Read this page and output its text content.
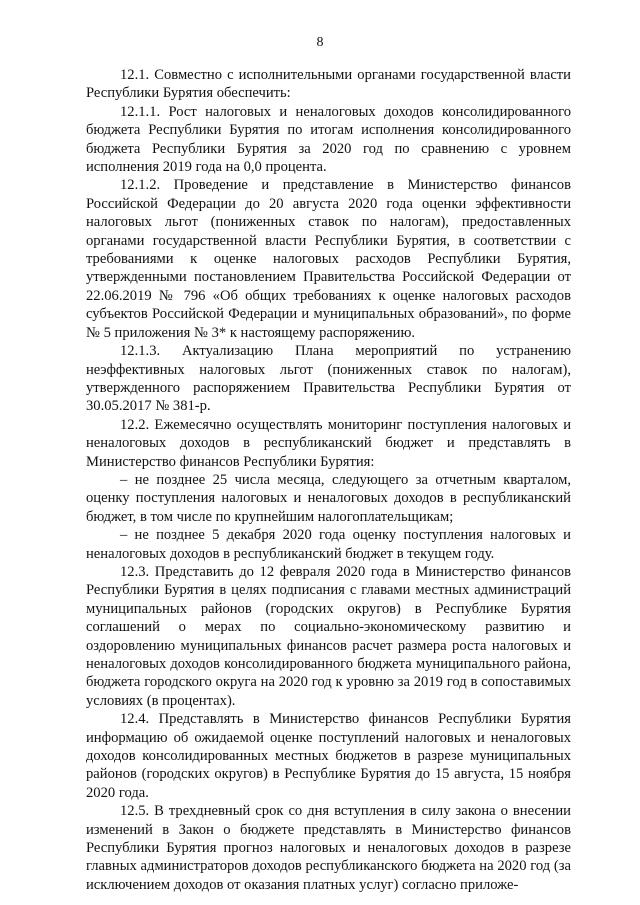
8

12.1. Совместно с исполнительными органами государственной власти Республики Бурятия обеспечить:

12.1.1. Рост налоговых и неналоговых доходов консолидированного бюджета Республики Бурятия по итогам исполнения консолидированного бюджета Республики Бурятия за 2020 год по сравнению с уровнем исполнения 2019 года на 0,0 процента.

12.1.2. Проведение и представление в Министерство финансов Российской Федерации до 20 августа 2020 года оценки эффективности налоговых льгот (пониженных ставок по налогам), предоставленных органами государственной власти Республики Бурятия, в соответствии с требованиями к оценке налоговых расходов Республики Бурятия, утвержденными постановлением Правительства Российской Федерации от 22.06.2019 № 796 «Об общих требованиях к оценке налоговых расходов субъектов Российской Федерации и муниципальных образований», по форме № 5 приложения № 3* к настоящему распоряжению.

12.1.3. Актуализацию Плана мероприятий по устранению неэффективных налоговых льгот (пониженных ставок по налогам), утвержденного распоряжением Правительства Республики Бурятия от 30.05.2017 № 381-р.

12.2. Ежемесячно осуществлять мониторинг поступления налоговых и неналоговых доходов в республиканский бюджет и представлять в Министерство финансов Республики Бурятия:

– не позднее 25 числа месяца, следующего за отчетным кварталом, оценку поступления налоговых и неналоговых доходов в республиканский бюджет, в том числе по крупнейшим налогоплательщикам;

– не позднее 5 декабря 2020 года оценку поступления налоговых и неналоговых доходов в республиканский бюджет в текущем году.

12.3. Представить до 12 февраля 2020 года в Министерство финансов Республики Бурятия в целях подписания с главами местных администраций муниципальных районов (городских округов) в Республике Бурятия соглашений о мерах по социально-экономическому развитию и оздоровлению муниципальных финансов расчет размера роста налоговых и неналоговых доходов консолидированного бюджета муниципального района, бюджета городского округа на 2020 год к уровню за 2019 год в сопоставимых условиях (в процентах).

12.4. Представлять в Министерство финансов Республики Бурятия информацию об ожидаемой оценке поступлений налоговых и неналоговых доходов консолидированных местных бюджетов в разрезе муниципальных районов (городских округов) в Республике Бурятия до 15 августа, 15 ноября 2020 года.

12.5. В трехдневный срок со дня вступления в силу закона о внесении изменений в Закон о бюджете представлять в Министерство финансов Республики Бурятия прогноз налоговых и неналоговых доходов в разрезе главных администраторов доходов республиканского бюджета на 2020 год (за исключением доходов от оказания платных услуг) согласно приложе-
